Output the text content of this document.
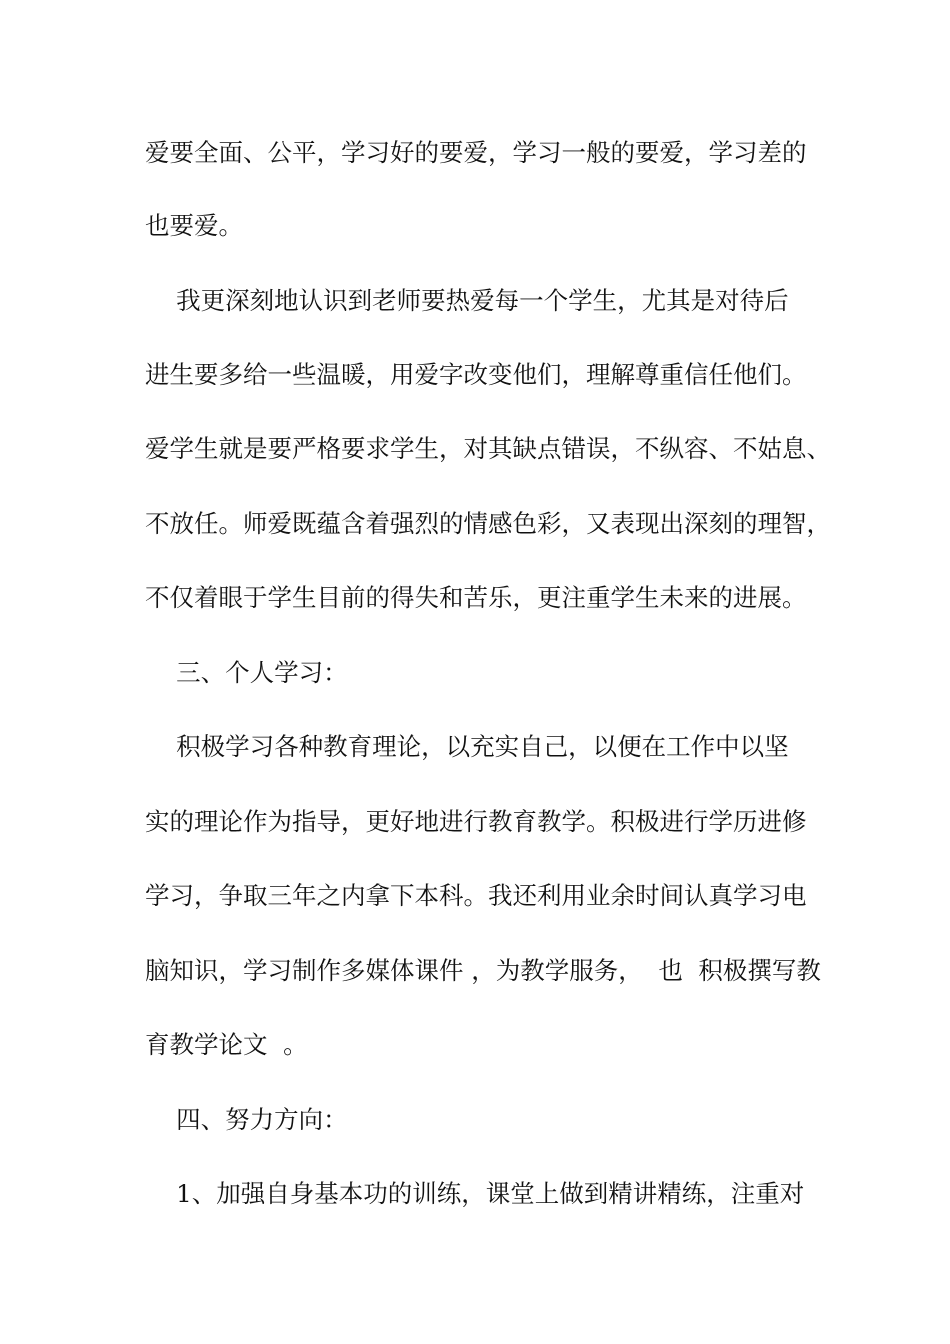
爱要全面、公平，学习好的要爱，学习一般的要爱，学习差的
也要爱。
我更深刻地认识到老师要热爱每一个学生，尤其是对待后
进生要多给一些温暖，用爱字改变他们，理解尊重信任他们。
爱学生就是要严格要求学生，对其缺点错误，不纵容、不姑息、
不放任。师爱既蕴含着强烈的情感色彩，又表现出深刻的理智，
不仅着眼于学生目前的得失和苦乐，更注重学生未来的进展。
三、个人学习：
积极学习各种教育理论，以充实自己，以便在工作中以坚
实的理论作为指导，更好地进行教育教学。积极进行学历进修
学习，争取三年之内拿下本科。我还利用业余时间认真学习电
脑知识，学习制作多媒体课件 ，为教学服务，  也  积极撰写教
育教学论文  。
四、努力方向：
1、加强自身基本功的训练，课堂上做到精讲精练，注重对
